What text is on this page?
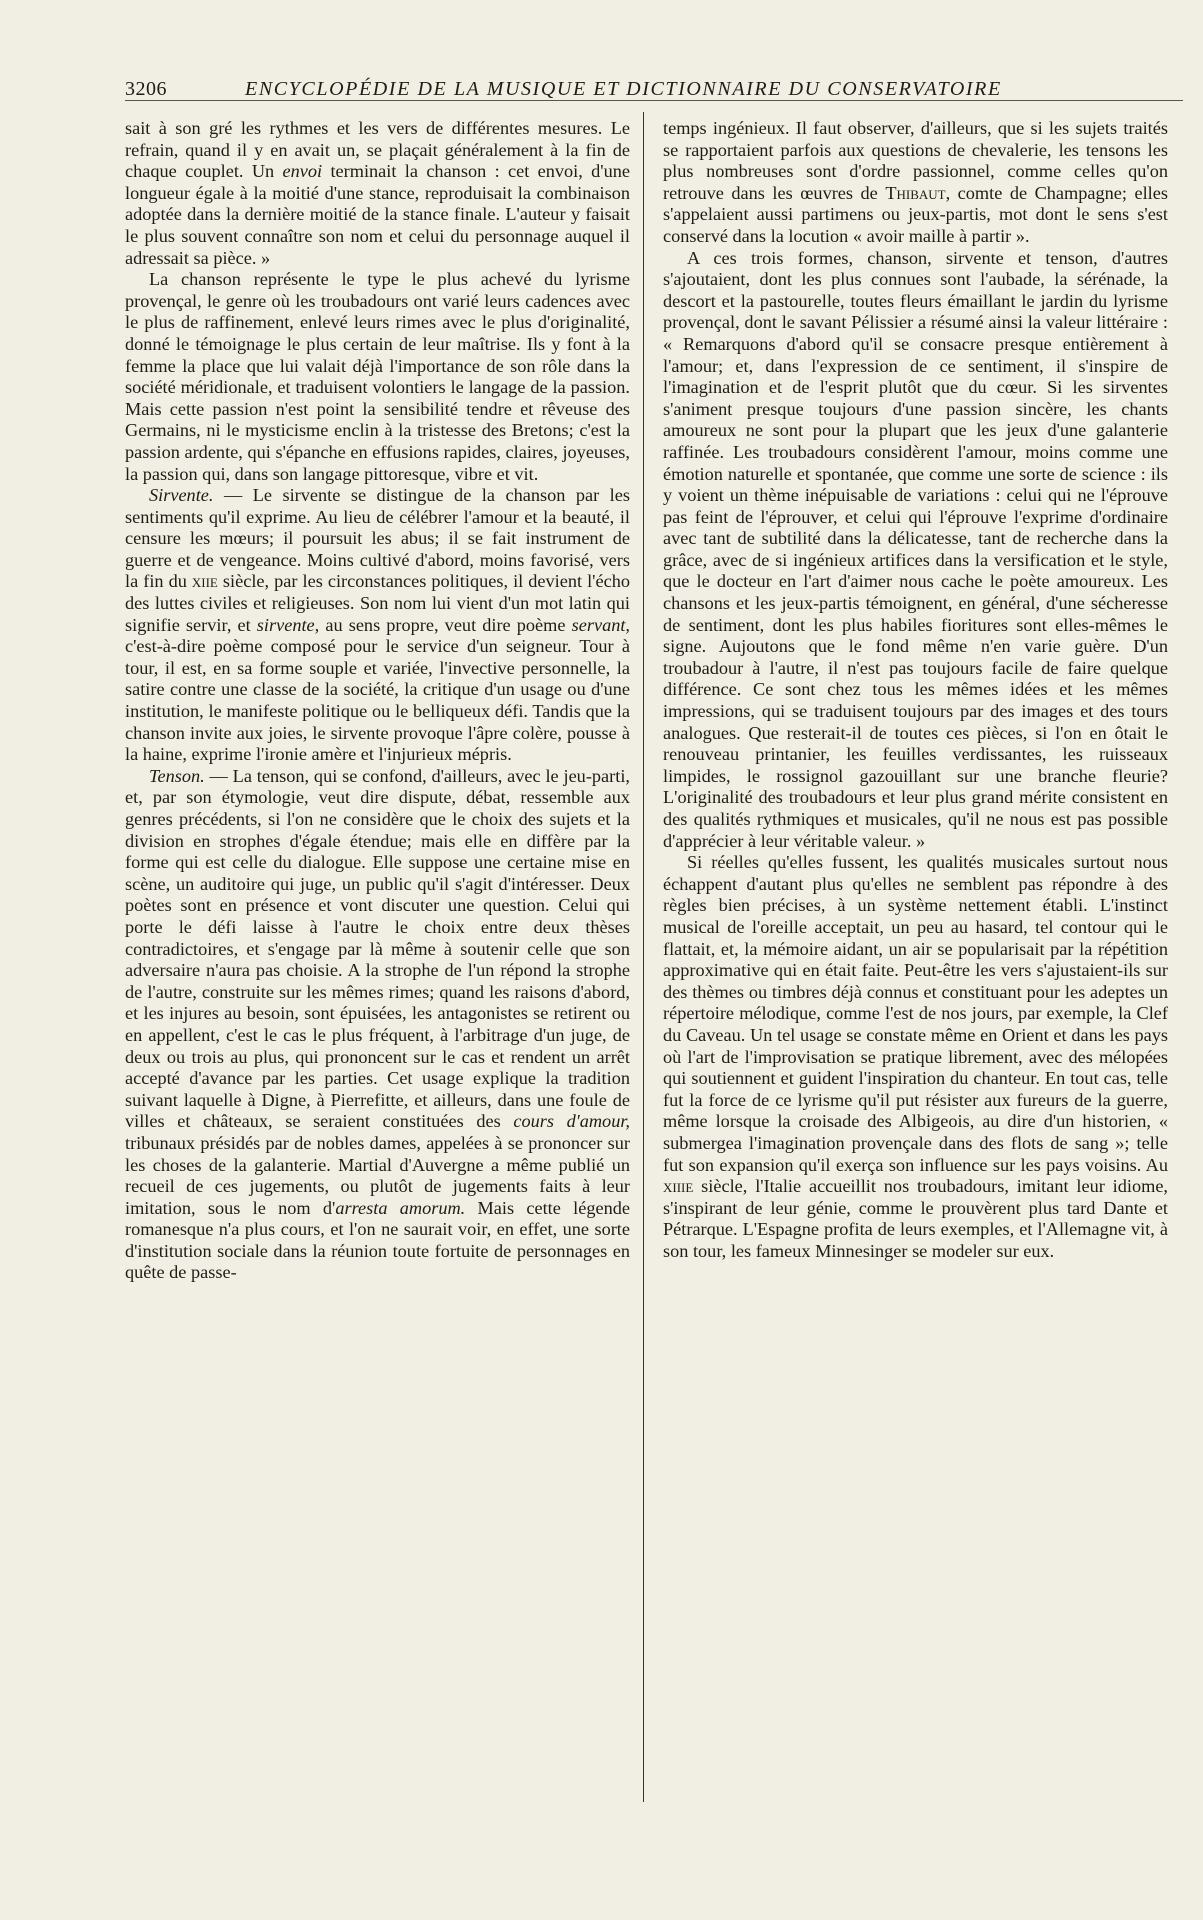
3206	ENCYCLOPÉDIE DE LA MUSIQUE ET DICTIONNAIRE DU CONSERVATOIRE

sait à son gré les rythmes et les vers de différentes mesures. Le refrain, quand il y en avait un, se plaçait généralement à la fin de chaque couplet. Un envoi terminait la chanson : cet envoi, d'une longueur égale à la moitié d'une stance, reproduisait la combinaison adoptée dans la dernière moitié de la stance finale. L'auteur y faisait le plus souvent connaître son nom et celui du personnage auquel il adressait sa pièce. »

La chanson représente le type le plus achevé du lyrisme provençal, le genre où les troubadours ont varié leurs cadences avec le plus de raffinement, enlevé leurs rimes avec le plus d'originalité, donné le témoignage le plus certain de leur maîtrise. Ils y font à la femme la place que lui valait déjà l'importance de son rôle dans la société méridionale, et traduisent volontiers le langage de la passion. Mais cette passion n'est point la sensibilité tendre et rêveuse des Germains, ni le mysticisme enclin à la tristesse des Bretons; c'est la passion ardente, qui s'épanche en effusions rapides, claires, joyeuses, la passion qui, dans son langage pittoresque, vibre et vit.

Sirvente. — Le sirvente se distingue de la chanson par les sentiments qu'il exprime. Au lieu de célébrer l'amour et la beauté, il censure les mœurs; il poursuit les abus; il se fait instrument de guerre et de vengeance. Moins cultivé d'abord, moins favorisé, vers la fin du xiie siècle, par les circonstances politiques, il devient l'écho des luttes civiles et religieuses. Son nom lui vient d'un mot latin qui signifie servir, et sirvente, au sens propre, veut dire poème servant, c'est-à-dire poème composé pour le service d'un seigneur. Tour à tour, il est, en sa forme souple et variée, l'invective personnelle, la satire contre une classe de la société, la critique d'un usage ou d'une institution, le manifeste politique ou le belliqueux défi. Tandis que la chanson invite aux joies, le sirvente provoque l'âpre colère, pousse à la haine, exprime l'ironie amère et l'injurieux mépris.

Tenson. — La tenson, qui se confond, d'ailleurs, avec le jeu-parti, et, par son étymologie, veut dire dispute, débat, ressemble aux genres précédents, si l'on ne considère que le choix des sujets et la division en strophes d'égale étendue; mais elle en diffère par la forme qui est celle du dialogue. Elle suppose une certaine mise en scène, un auditoire qui juge, un public qu'il s'agit d'intéresser. Deux poètes sont en présence et vont discuter une question. Celui qui porte le défi laisse à l'autre le choix entre deux thèses contradictoires, et s'engage par là même à soutenir celle que son adversaire n'aura pas choisie. A la strophe de l'un répond la strophe de l'autre, construite sur les mêmes rimes; quand les raisons d'abord, et les injures au besoin, sont épuisées, les antagonistes se retirent ou en appellent, c'est le cas le plus fréquent, à l'arbitrage d'un juge, de deux ou trois au plus, qui prononcent sur le cas et rendent un arrêt accepté d'avance par les parties. Cet usage explique la tradition suivant laquelle à Digne, à Pierrefitte, et ailleurs, dans une foule de villes et châteaux, se seraient constituées des cours d'amour, tribunaux présidés par de nobles dames, appelées à se prononcer sur les choses de la galanterie. Martial d'Auvergne a même publié un recueil de ces jugements, ou plutôt de jugements faits à leur imitation, sous le nom d'arresta amorum. Mais cette légende romanesque n'a plus cours, et l'on ne saurait voir, en effet, une sorte d'institution sociale dans la réunion toute fortuite de personnages en quête de passe-

temps ingénieux. Il faut observer, d'ailleurs, que si les sujets traités se rapportaient parfois aux questions de chevalerie, les tensons les plus nombreuses sont d'ordre passionnel, comme celles qu'on retrouve dans les œuvres de Thibaut, comte de Champagne; elles s'appelaient aussi partimens ou jeux-partis, mot dont le sens s'est conservé dans la locution « avoir maille à partir ».

A ces trois formes, chanson, sirvente et tenson, d'autres s'ajoutaient, dont les plus connues sont l'aubade, la sérénade, la descort et la pastourelle, toutes fleurs émaillant le jardin du lyrisme provençal, dont le savant Pélissier a résumé ainsi la valeur littéraire : « Remarquons d'abord qu'il se consacre presque entièrement à l'amour; et, dans l'expression de ce sentiment, il s'inspire de l'imagination et de l'esprit plutôt que du cœur. Si les sirventes s'animent presque toujours d'une passion sincère, les chants amoureux ne sont pour la plupart que les jeux d'une galanterie raffinée. Les troubadours considèrent l'amour, moins comme une émotion naturelle et spontanée, que comme une sorte de science : ils y voient un thème inépuisable de variations : celui qui ne l'éprouve pas feint de l'éprouver, et celui qui l'éprouve l'exprime d'ordinaire avec tant de subtilité dans la délicatesse, tant de recherche dans la grâce, avec de si ingénieux artifices dans la versification et le style, que le docteur en l'art d'aimer nous cache le poète amoureux. Les chansons et les jeux-partis témoignent, en général, d'une sécheresse de sentiment, dont les plus habiles fioritures sont elles-mêmes le signe. Aujoutons que le fond même n'en varie guère. D'un troubadour à l'autre, il n'est pas toujours facile de faire quelque différence. Ce sont chez tous les mêmes idées et les mêmes impressions, qui se traduisent toujours par des images et des tours analogues. Que resterait-il de toutes ces pièces, si l'on en ôtait le renouveau printanier, les feuilles verdissantes, les ruisseaux limpides, le rossignol gazouillant sur une branche fleurie? L'originalité des troubadours et leur plus grand mérite consistent en des qualités rythmiques et musicales, qu'il ne nous est pas possible d'apprécier à leur véritable valeur. »

Si réelles qu'elles fussent, les qualités musicales surtout nous échappent d'autant plus qu'elles ne semblent pas répondre à des règles bien précises, à un système nettement établi. L'instinct musical de l'oreille acceptait, un peu au hasard, tel contour qui le flattait, et, la mémoire aidant, un air se popularisait par la répétition approximative qui en était faite. Peut-être les vers s'ajustaient-ils sur des thèmes ou timbres déjà connus et constituant pour les adeptes un répertoire mélodique, comme l'est de nos jours, par exemple, la Clef du Caveau. Un tel usage se constate même en Orient et dans les pays où l'art de l'improvisation se pratique librement, avec des mélopées qui soutiennent et guident l'inspiration du chanteur. En tout cas, telle fut la force de ce lyrisme qu'il put résister aux fureurs de la guerre, même lorsque la croisade des Albigeois, au dire d'un historien, « submergea l'imagination provençale dans des flots de sang »; telle fut son expansion qu'il exerça son influence sur les pays voisins. Au xiiie siècle, l'Italie accueillit nos troubadours, imitant leur idiome, s'inspirant de leur génie, comme le prouvèrent plus tard Dante et Pétrarque. L'Espagne profita de leurs exemples, et l'Allemagne vit, à son tour, les fameux Minnesinger se modeler sur eux.
